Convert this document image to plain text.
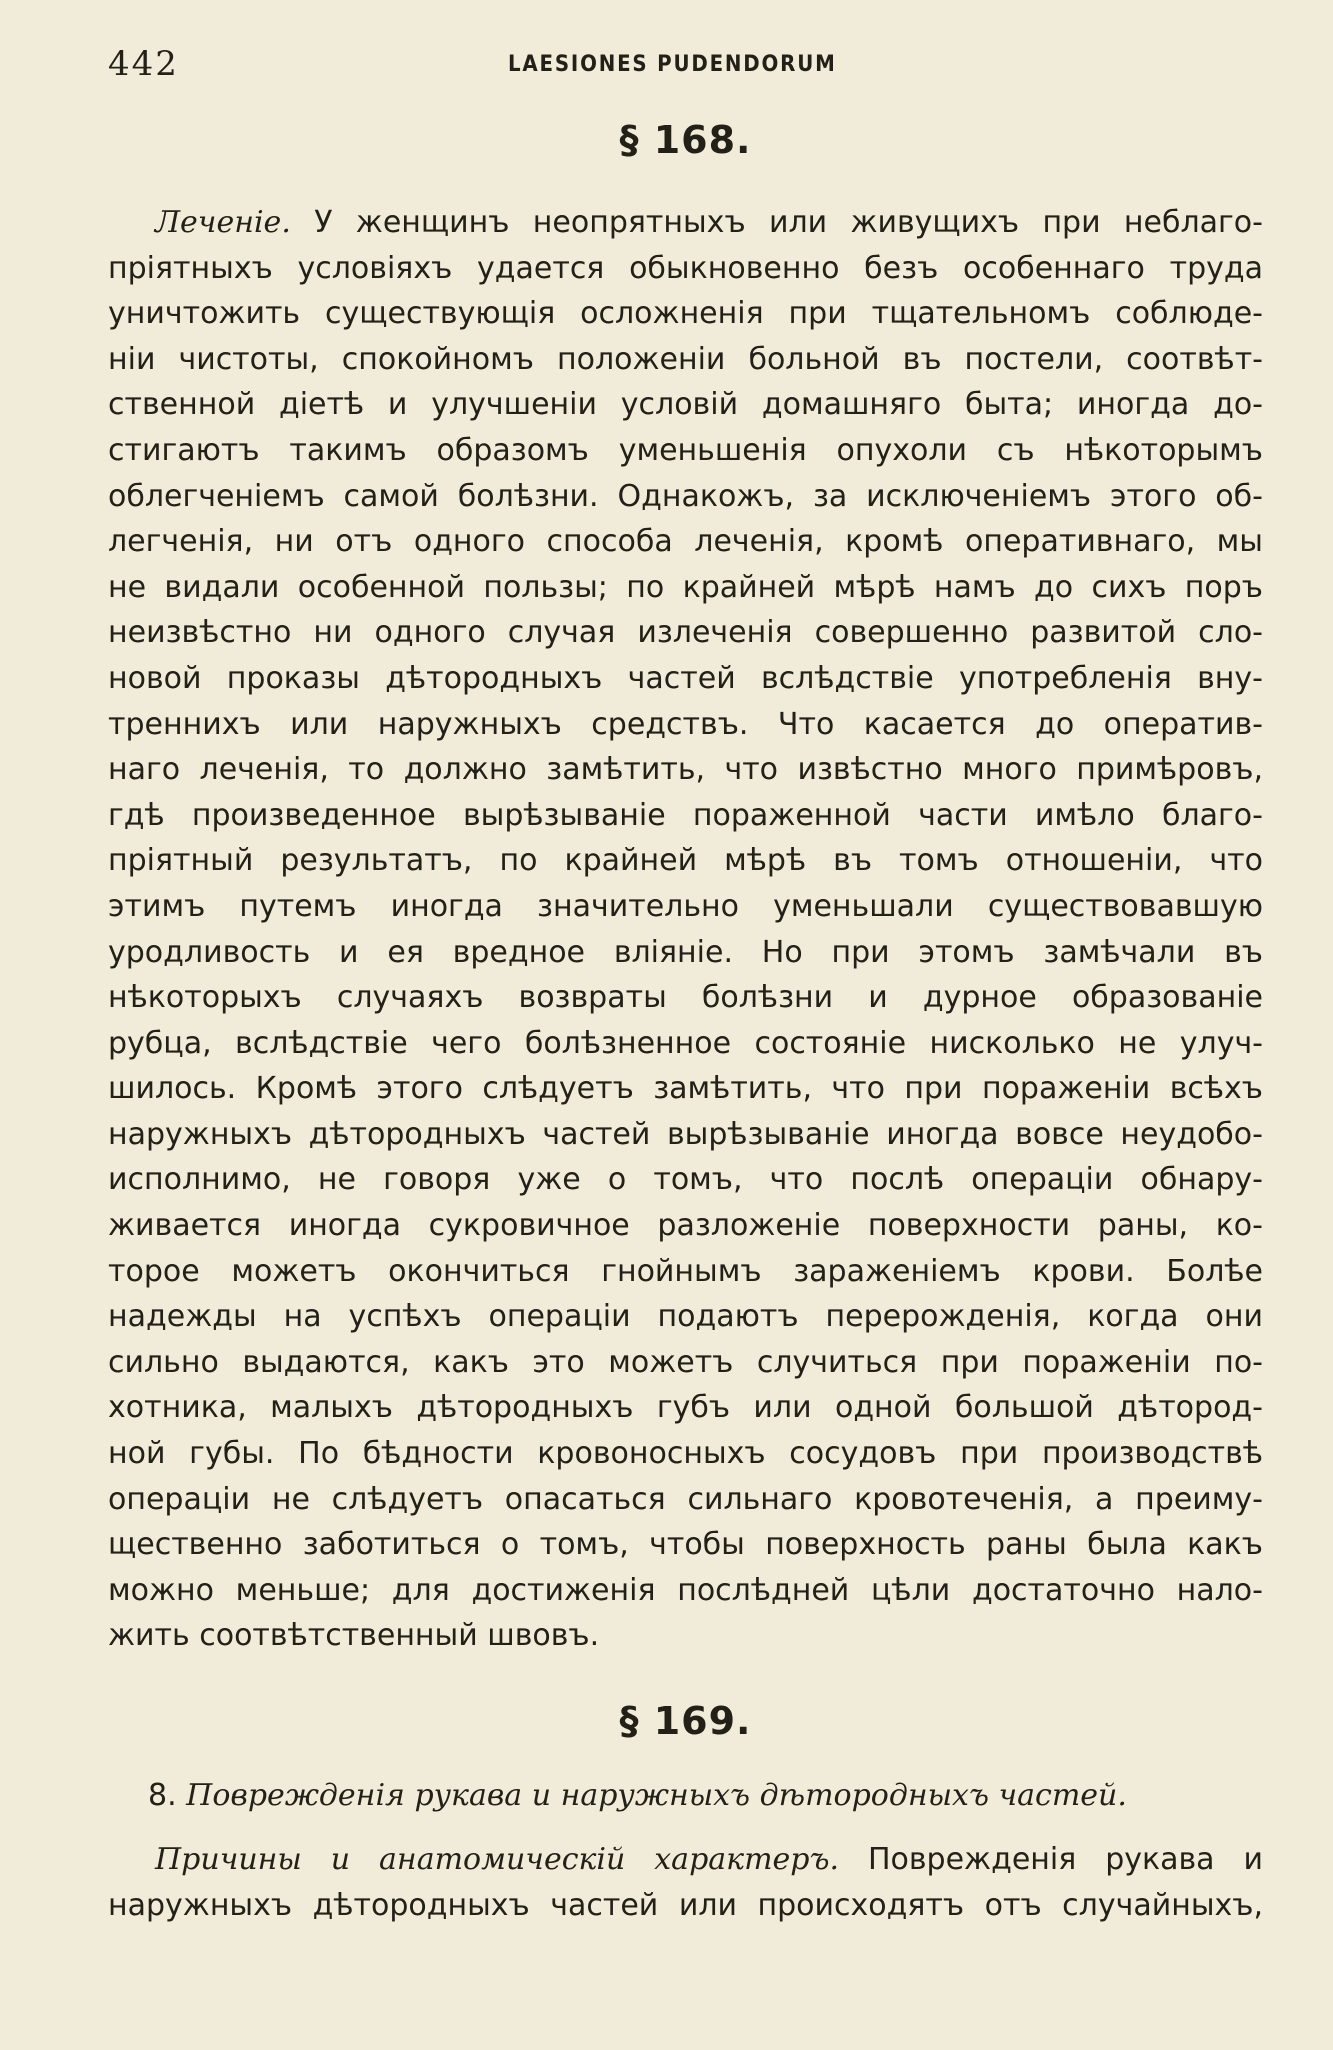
442	LAESIONES PUDENDORUM
§ 168.
Леченіе. У женщинъ неопрятныхъ или живущихъ при неблаго-
пріятныхъ условіяхъ удается обыкновенно безъ особеннаго труда
уничтожить существующія осложненія при тщательномъ соблюде-
ніи чистоты, спокойномъ положеніи больной въ постели, соотвѣт-
ственной діетѣ и улучшеніи условій домашняго быта; иногда до-
стигаютъ такимъ образомъ уменьшенія опухоли съ нѣкоторымъ
облегченіемъ самой болѣзни. Однакожъ, за исключеніемъ этого об-
легченія, ни отъ одного способа леченія, кромѣ оперативнаго, мы
не видали особенной пользы; по крайней мѣрѣ намъ до сихъ поръ
неизвѣстно ни одного случая излеченія совершенно развитой сло-
новой проказы дѣтородныхъ частей вслѣдствіе употребленія вну-
треннихъ или наружныхъ средствъ. Что касается до оператив-
наго леченія, то должно замѣтить, что извѣстно много примѣровъ,
гдѣ произведенное вырѣзываніе пораженной части имѣло благо-
пріятный результатъ, по крайней мѣрѣ въ томъ отношеніи, что
этимъ путемъ иногда значительно уменьшали существовавшую
уродливость и ея вредное вліяніе. Но при этомъ замѣчали въ
нѣкоторыхъ случаяхъ возвраты болѣзни и дурное образованіе
рубца, вслѣдствіе чего болѣзненное состояніе нисколько не улуч-
шилось. Кромѣ этого слѣдуетъ замѣтить, что при пораженіи всѣхъ
наружныхъ дѣтородныхъ частей вырѣзываніе иногда вовсе неудобо-
исполнимо, не говоря уже о томъ, что послѣ операціи обнару-
живается иногда сукровичное разложеніе поверхности раны, ко-
торое можетъ окончиться гнойнымъ зараженіемъ крови. Болѣе
надежды на успѣхъ операціи подаютъ перерожденія, когда они
сильно выдаются, какъ это можетъ случиться при пораженіи по-
хотника, малыхъ дѣтородныхъ губъ или одной большой дѣтород-
ной губы. По бѣдности кровоносныхъ сосудовъ при производствѣ
операціи не слѣдуетъ опасаться сильнаго кровотеченія, а преиму-
щественно заботиться о томъ, чтобы поверхность раны была какъ
можно меньше; для достиженія послѣдней цѣли достаточно нало-
жить соотвѣтственный швовъ.
§ 169.

8. Поврежденія рукава и наружныхъ дѣтородныхъ частей.

Причины и анатомическій характеръ. Поврежденія рукава и
наружныхъ дѣтородныхъ частей или происходятъ отъ случайныхъ,
